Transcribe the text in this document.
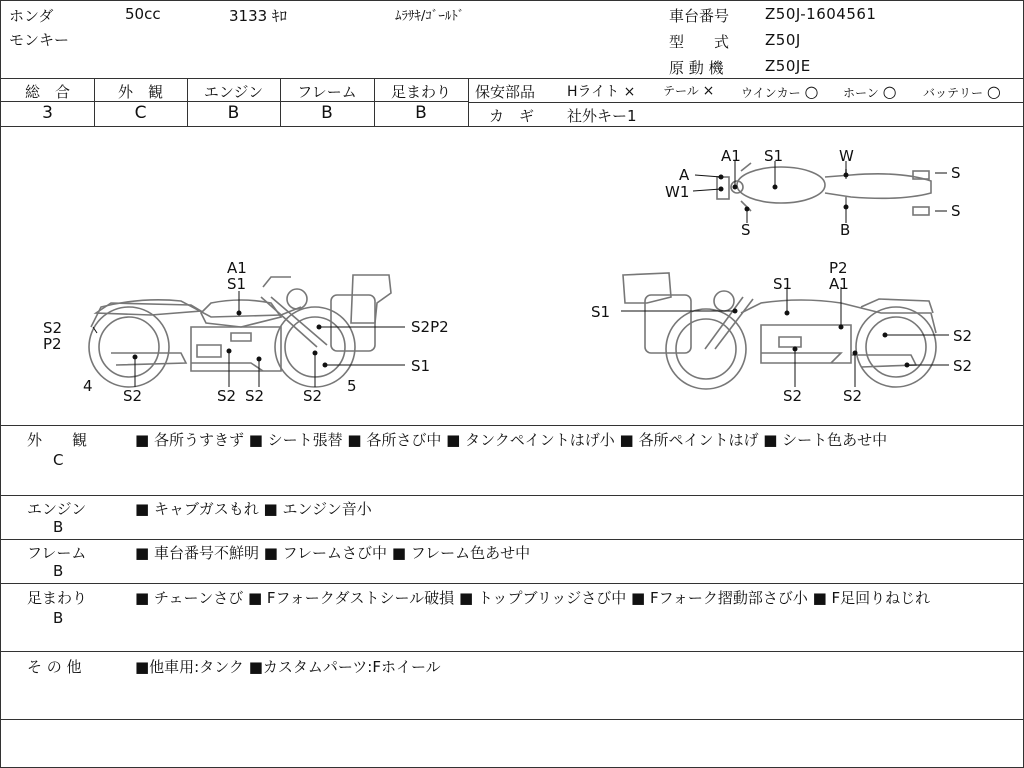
ホンダ	50cc	3133 ｷﾛ	ﾑﾗｻｷ/ｺﾞｰﾙﾄﾞ
モンキー
車台番号 Z50J-1604561
型　　式 Z50J
原 動 機	Z50JE
総　合	外　観	エンジン	フレーム	足まわり
3	C	B	B	B
保安部品 Hライト × テール × ウインカー ○ ホーン ○ バッテリー ○
カ　ギ 社外キー1
A1 S1	W
A
W1
S
S
S	B
A1
S1
S2
P2
S2P2
S1
4
S2	S2 S2	S2
5
P2
A1
S1
S1
S2
S2
S2	S2
外　　観
C
■ 各所うすきず ■ シート張替 ■ 各所さび中 ■ タンクペイントはげ小 ■ 各所ペイントはげ ■ シート色あせ中
エンジン
B
■ キャブガスもれ ■ エンジン音小
フレーム
B
■ 車台番号不鮮明 ■ フレームさび中 ■ フレーム色あせ中
足まわり
B
■ チェーンさび ■ Fフォークダストシール破損 ■ トップブリッジさび中 ■ Fフォーク摺動部さび小 ■ F足回りねじれ
そ の 他	■他車用:タンク ■カスタムパーツ:Fホイール
